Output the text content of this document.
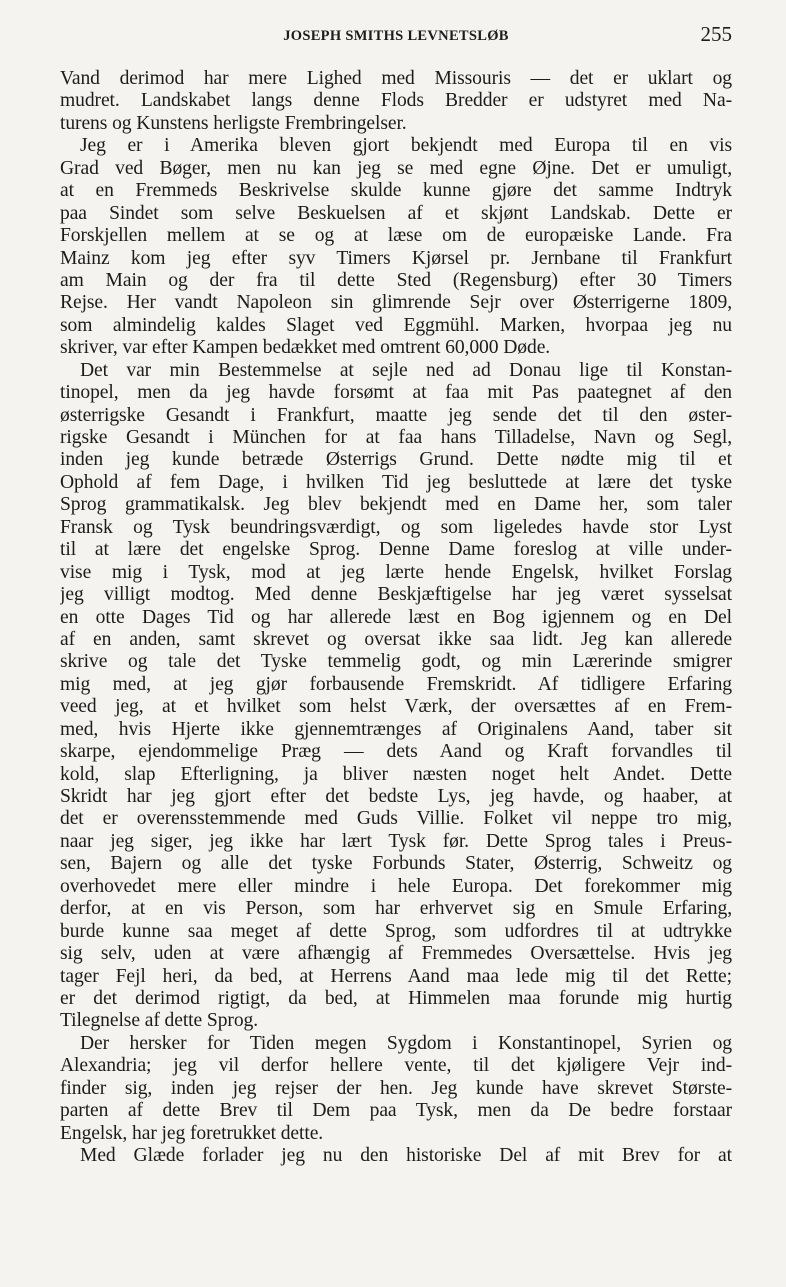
JOSEPH SMITHS LEVNETSLØB	255
Vand derimod har mere Lighed med Missouris — det er uklart og
mudret. Landskabet langs denne Flods Bredder er udstyret med Na-
turens og Kunstens herligste Frembringelser.
Jeg er i Amerika bleven gjort bekjendt med Europa til en vis
Grad ved Bøger, men nu kan jeg se med egne Øjne. Det er umuligt,
at en Fremmeds Beskrivelse skulde kunne gjøre det samme Indtryk
paa Sindet som selve Beskuelsen af et skjønt Landskab. Dette er
Forskjellen mellem at se og at læse om de europæiske Lande. Fra
Mainz kom jeg efter syv Timers Kjørsel pr. Jernbane til Frankfurt
am Main og der fra til dette Sted (Regensburg) efter 30 Timers
Rejse. Her vandt Napoleon sin glimrende Sejr over Østerrigerne 1809,
som almindelig kaldes Slaget ved Eggmühl. Marken, hvorpaa jeg nu
skriver, var efter Kampen bedækket med omtrent 60,000 Døde.
Det var min Bestemmelse at sejle ned ad Donau lige til Konstan-
tinopel, men da jeg havde forsømt at faa mit Pas paategnet af den
østerrigske Gesandt i Frankfurt, maatte jeg sende det til den øster-
rigske Gesandt i München for at faa hans Tilladelse, Navn og Segl,
inden jeg kunde betræde Østerrigs Grund. Dette nødte mig til et
Ophold af fem Dage, i hvilken Tid jeg besluttede at lære det tyske
Sprog grammatikalsk. Jeg blev bekjendt med en Dame her, som taler
Fransk og Tysk beundringsværdigt, og som ligeledes havde stor Lyst
til at lære det engelske Sprog. Denne Dame foreslog at ville under-
vise mig i Tysk, mod at jeg lærte hende Engelsk, hvilket Forslag
jeg villigt modtog. Med denne Beskjæftigelse har jeg været sysselsat
en otte Dages Tid og har allerede læst en Bog igjennem og en Del
af en anden, samt skrevet og oversat ikke saa lidt. Jeg kan allerede
skrive og tale det Tyske temmelig godt, og min Lærerinde smigrer
mig med, at jeg gjør forbausende Fremskridt. Af tidligere Erfaring
veed jeg, at et hvilket som helst Værk, der oversættes af en Frem-
med, hvis Hjerte ikke gjennemtrænges af Originalens Aand, taber sit
skarpe, ejendommelige Præg — dets Aand og Kraft forvandles til
kold, slap Efterligning, ja bliver næsten noget helt Andet. Dette
Skridt har jeg gjort efter det bedste Lys, jeg havde, og haaber, at
det er overensstemmende med Guds Villie. Folket vil neppe tro mig,
naar jeg siger, jeg ikke har lært Tysk før. Dette Sprog tales i Preus-
sen, Bajern og alle det tyske Forbunds Stater, Østerrig, Schweitz og
overhovedet mere eller mindre i hele Europa. Det forekommer mig
derfor, at en vis Person, som har erhvervet sig en Smule Erfaring,
burde kunne saa meget af dette Sprog, som udfordres til at udtrykke
sig selv, uden at være afhængig af Fremmedes Oversættelse. Hvis jeg
tager Fejl heri, da bed, at Herrens Aand maa lede mig til det Rette;
er det derimod rigtigt, da bed, at Himmelen maa forunde mig hurtig
Tilegnelse af dette Sprog.
Der hersker for Tiden megen Sygdom i Konstantinopel, Syrien og
Alexandria; jeg vil derfor hellere vente, til det kjøligere Vejr ind-
finder sig, inden jeg rejser der hen. Jeg kunde have skrevet Største-
parten af dette Brev til Dem paa Tysk, men da De bedre forstaar
Engelsk, har jeg foretrukket dette.
Med Glæde forlader jeg nu den historiske Del af mit Brev for at
